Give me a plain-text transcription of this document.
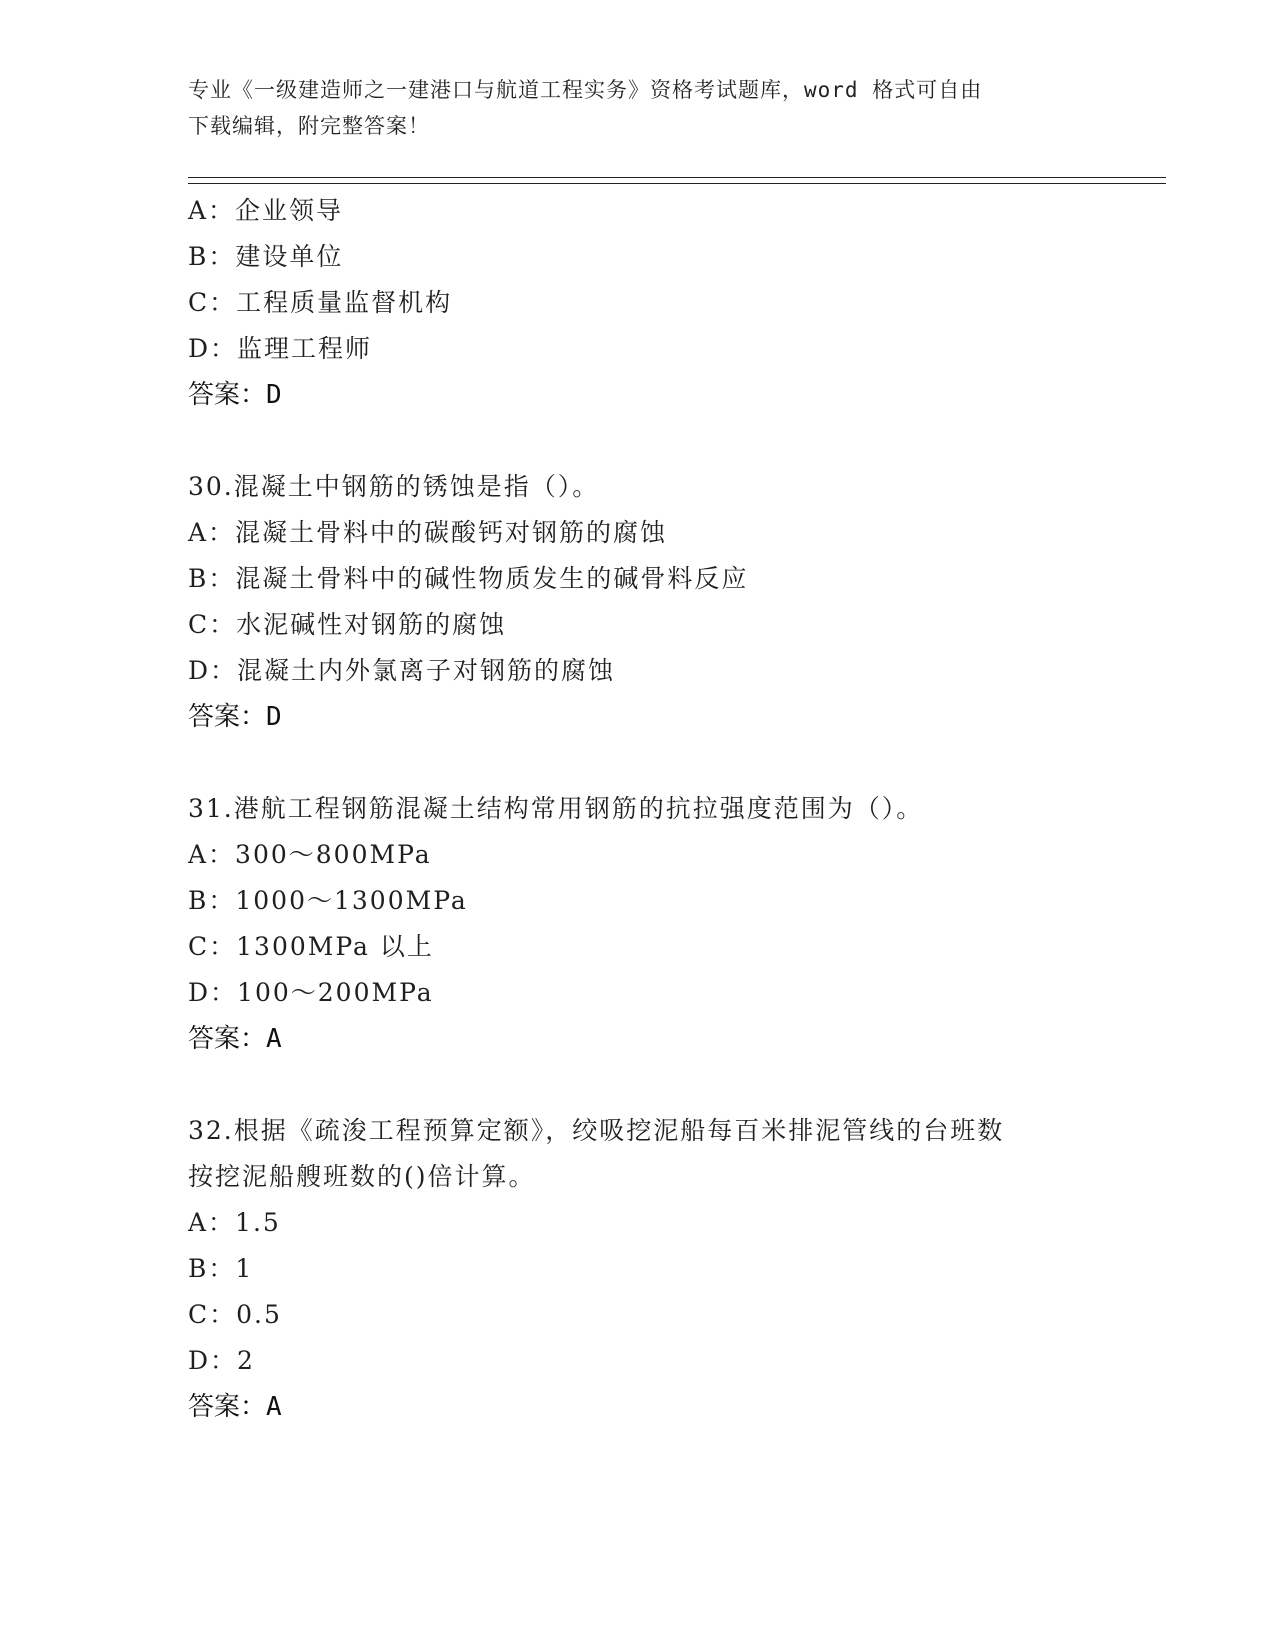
专业《一级建造师之一建港口与航道工程实务》资格考试题库，word 格式可自由
下载编辑，附完整答案！
A：企业领导
B：建设单位
C：工程质量监督机构
D：监理工程师
答案：D
30.混凝土中钢筋的锈蚀是指（）。
A：混凝土骨料中的碳酸钙对钢筋的腐蚀
B：混凝土骨料中的碱性物质发生的碱骨料反应
C：水泥碱性对钢筋的腐蚀
D：混凝土内外氯离子对钢筋的腐蚀
答案：D
31.港航工程钢筋混凝土结构常用钢筋的抗拉强度范围为（）。
A：300～800MPa
B：1000～1300MPa
C：1300MPa 以上
D：100～200MPa
答案：A
32.根据《疏浚工程预算定额》，绞吸挖泥船每百米排泥管线的台班数
按挖泥船艘班数的()倍计算。
A：1.5
B：1
C：0.5
D：2
答案：A
